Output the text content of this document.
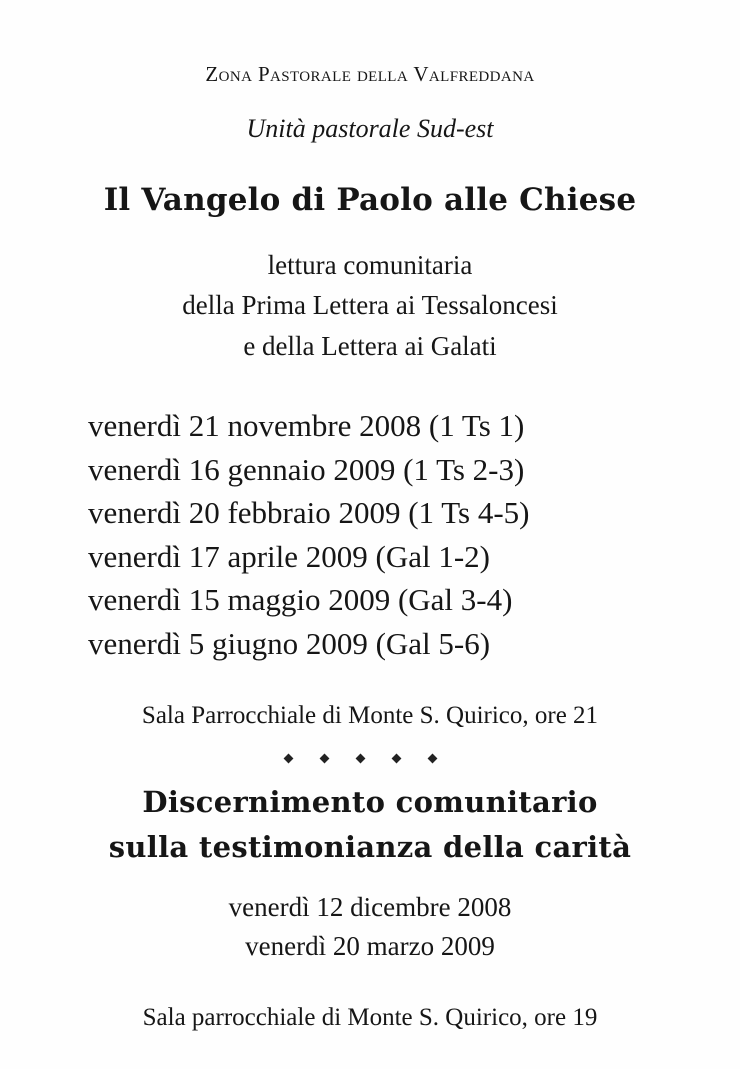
Zona Pastorale della Valfreddana
Unità pastorale Sud-est
Il Vangelo di Paolo alle Chiese
lettura comunitaria
della Prima Lettera ai Tessaloncesi
e della Lettera ai Galati
venerdì 21 novembre 2008 (1 Ts 1)
venerdì 16 gennaio 2009 (1 Ts 2-3)
venerdì 20 febbraio 2009 (1 Ts 4-5)
venerdì 17 aprile 2009 (Gal 1-2)
venerdì 15 maggio 2009 (Gal 3-4)
venerdì 5 giugno 2009 (Gal 5-6)
Sala Parrocchiale di Monte S. Quirico, ore 21
Discernimento comunitario
sulla testimonianza della carità
venerdì 12 dicembre 2008
venerdì 20 marzo 2009
Sala parrocchiale di Monte S. Quirico, ore 19
